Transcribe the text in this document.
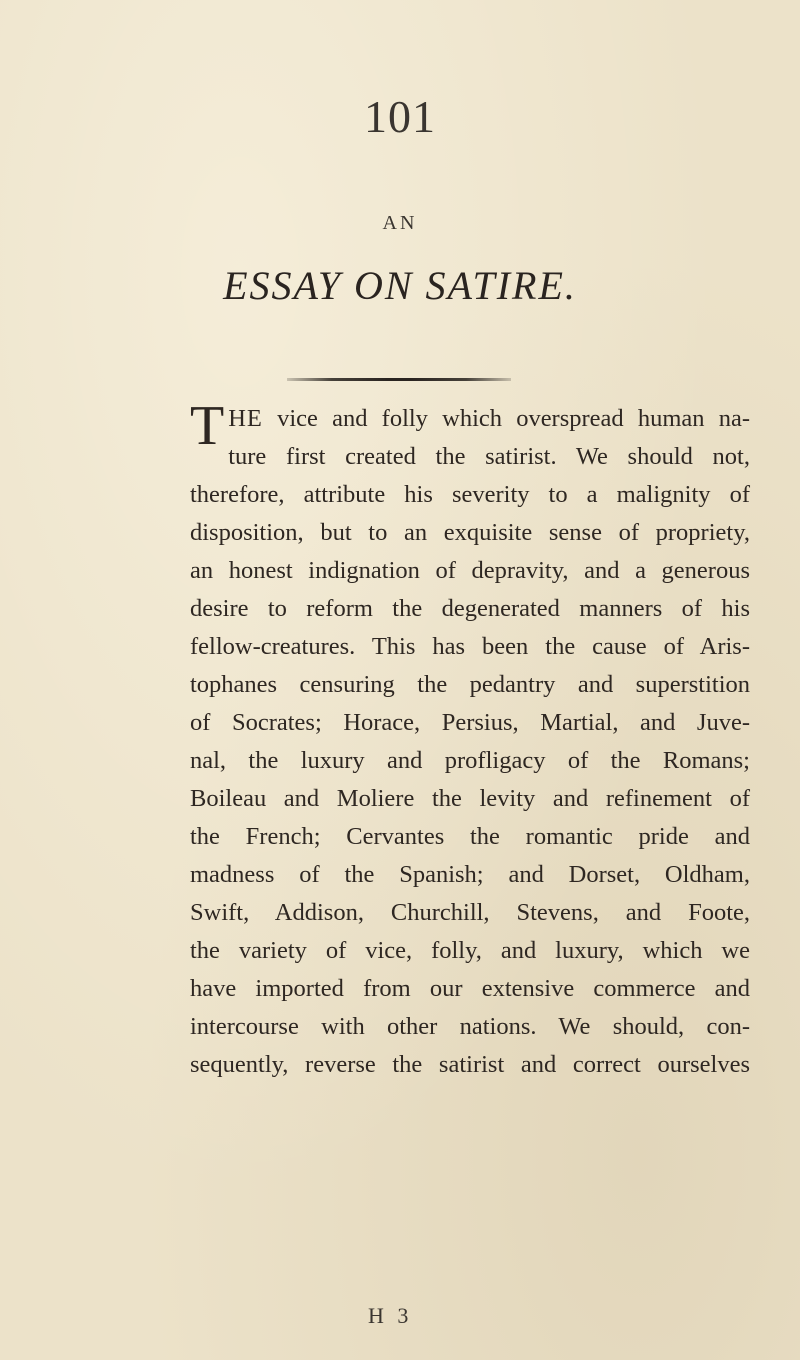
101
AN
ESSAY ON SATIRE.

THE vice and folly which overspread human na-

ture first created the satirist. We should not,

therefore, attribute his severity to a malignity of

disposition, but to an exquisite sense of propriety,

an honest indignation of depravity, and a generous

desire to reform the degenerated manners of his

fellow-creatures. This has been the cause of Aris-

tophanes censuring the pedantry and superstition

of Socrates; Horace, Persius, Martial, and Juve-

nal, the luxury and profligacy of the Romans;

Boileau and Moliere the levity and refinement of

the French; Cervantes the romantic pride and

madness of the Spanish; and Dorset, Oldham,

Swift, Addison, Churchill, Stevens, and Foote,

the variety of vice, folly, and luxury, which we

have imported from our extensive commerce and

intercourse with other nations. We should, con-

sequently, reverse the satirist and correct ourselves

H 3
